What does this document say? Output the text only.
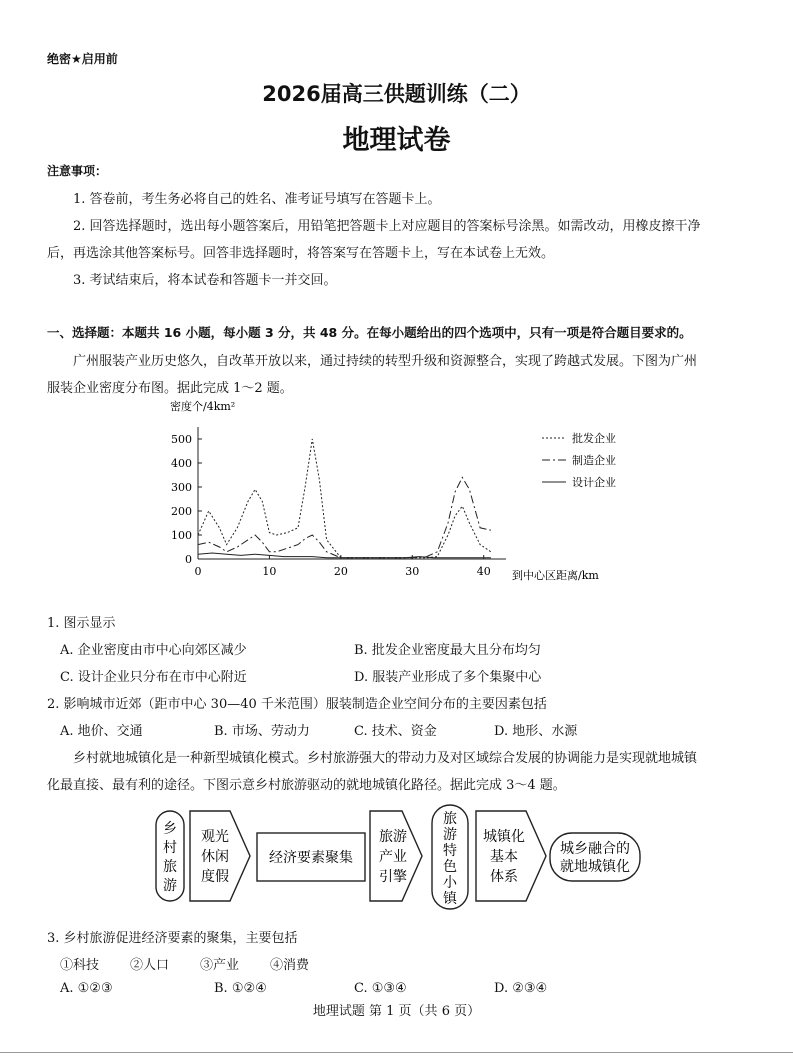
绝密★启用前
2026届高三供题训练（二）
地理试卷
注意事项：
1. 答卷前，考生务必将自己的姓名、准考证号填写在答题卡上。
2. 回答选择题时，选出每小题答案后，用铅笔把答题卡上对应题目的答案标号涂黑。如需改动，用橡皮擦干净
后，再选涂其他答案标号。回答非选择题时，将答案写在答题卡上，写在本试卷上无效。
3. 考试结束后，将本试卷和答题卡一并交回。
一、选择题：本题共 16 小题，每小题 3 分，共 48 分。在每小题给出的四个选项中，只有一项是符合题目要求的。
广州服装产业历史悠久，自改革开放以来，通过持续的转型升级和资源整合，实现了跨越式发展。下图为广州
服装企业密度分布图。据此完成 1～2 题。
密度个/4km²
到中心区距离/km
0
100
200
300
400
500
0	10	20	30	40
批发企业
制造企业
设计企业
1. 图示显示
A. 企业密度由市中心向郊区减少	B. 批发企业密度最大且分布均匀
C. 设计企业只分布在市中心附近	D. 服装产业形成了多个集聚中心
2. 影响城市近郊（距市中心 30—40 千米范围）服装制造企业空间分布的主要因素包括
A. 地价、交通	B. 市场、劳动力	C. 技术、资金	D. 地形、水源
乡村就地城镇化是一种新型城镇化模式。乡村旅游强大的带动力及对区域综合发展的协调能力是实现就地城镇
化最直接、最有利的途径。下图示意乡村旅游驱动的就地城镇化路径。据此完成 3～4 题。
乡
村
旅
游
观光
休闲
度假
经济要素聚集
旅游
产业
引擎
旅
游
特
色
小
镇
城镇化
基本
体系
城乡融合的
就地城镇化
3. 乡村旅游促进经济要素的聚集，主要包括
①科技 ②人口 ③产业 ④消费
A. ①②③	B. ①②④	C. ①③④	D. ②③④
地理试题 第 1 页（共 6 页）
